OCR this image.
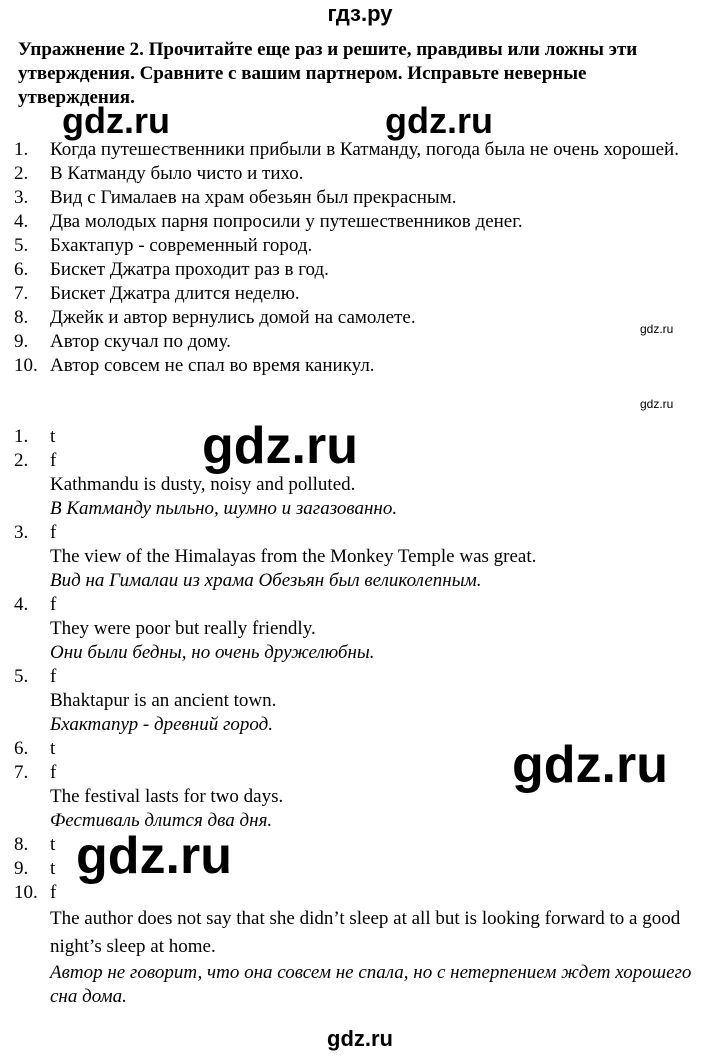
гдз.ру
Упражнение 2. Прочитайте еще раз и решите, правдивы или ложны эти утверждения. Сравните с вашим партнером. Исправьте неверные утверждения.
1.	Когда путешественники прибыли в Катманду, погода была не очень хорошей.
2.	В Катманду было чисто и тихо.
3.	Вид с Гималаев на храм обезьян был прекрасным.
4.	Два молодых парня попросили у путешественников денег.
5.	Бхактапур - современный город.
6.	Бискет Джатра проходит раз в год.
7.	Бискет Джатра длится неделю.
8.	Джейк и автор вернулись домой на самолете.
9.	Автор скучал по дому.
10. Автор совсем не спал во время каникул.
1.	t
2.	f
Kathmandu is dusty, noisy and polluted.
В Катманду пыльно, шумно и загазованно.
3.	f
The view of the Himalayas from the Monkey Temple was great.
Вид на Гималаи из храма Обезьян был великолепным.
4.	f
They were poor but really friendly.
Они были бедны, но очень дружелюбны.
5.	f
Bhaktapur is an ancient town.
Бхактапур - древний город.
6.	t
7.	f
The festival lasts for two days.
Фестиваль длится два дня.
8.	t
9.	t
10. f
The author does not say that she didn’t sleep at all but is looking forward to a good night’s sleep at home.
Автор не говорит, что она совсем не спала, но с нетерпением ждет хорошего сна дома.
gdz.ru	gdz.ru
gdz.ru
gdz.ru
gdz.ru
gdz.ru
gdz.ru
gdz.ru
